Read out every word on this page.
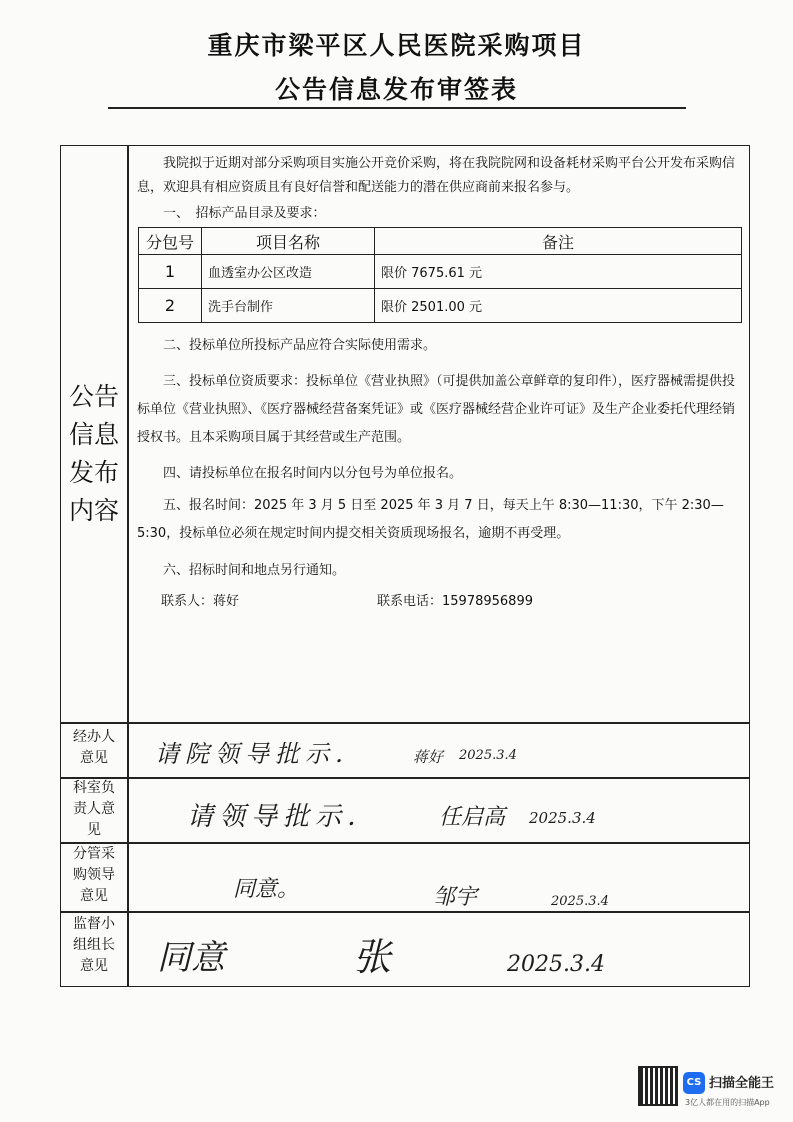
重庆市梁平区人民医院采购项目
公告信息发布审签表
公告
信息
发布
内容
我院拟于近期对部分采购项目实施公开竞价采购，将在我院院网和设备耗材采购平台公开发布采购信息，欢迎具有相应资质且有良好信誉和配送能力的潜在供应商前来报名参与。
一、　招标产品目录及要求：
分包号	项目名称	备注
1	血透室办公区改造	限价 7675.61 元
2	洗手台制作	限价 2501.00 元
二、投标单位所投标产品应符合实际使用需求。
三、投标单位资质要求：投标单位《营业执照》（可提供加盖公章鲜章的复印件），医疗器械需提供投标单位《营业执照》、《医疗器械经营备案凭证》或《医疗器械经营企业许可证》及生产企业委托代理经销授权书。且本采购项目属于其经营或生产范围。
四、请投标单位在报名时间内以分包号为单位报名。
五、报名时间：2025 年 3 月 5 日至 2025 年 3 月 7 日，每天上午 8:30—11:30，下午 2:30—5:30，投标单位必须在规定时间内提交相关资质现场报名，逾期不再受理。
六、招标时间和地点另行通知。
联系人：蒋好	联系电话：15978956899
经办人
意见	请院领导批示．	蒋好 2025.3.4
科室负
责人意
见	请领导批示．	任启高 2025.3.4
分管采
购领导
意见	同意。	邹宇	2025.3.4
监督小
组组长
意见	同意	张	2025.3.4
CS 扫描全能王
3亿人都在用的扫描App
